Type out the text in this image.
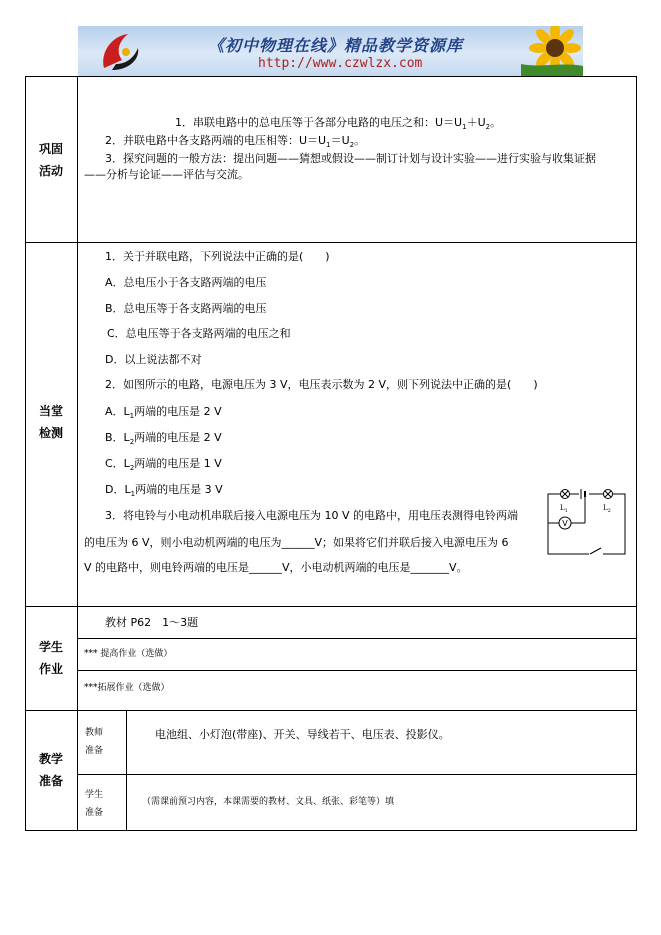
《初中物理在线》精品教学资源库
http://www.czwlzx.com
巩固
活动
当堂
检测
学生
作业
教学
准备
1．串联电路中的总电压等于各部分电路的电压之和：$U=U_1+U_2$。
2．并联电路中各支路两端的电压相等：$U=U_1=U_2$。
3．探究问题的一般方法：提出问题——猜想或假设——制订计划与设计实验——进行实验与收集证据
——分析与论证——评估与交流。
1．关于并联电路，下列说法中正确的是(　　)
A．总电压小于各支路两端的电压
B．总电压等于各支路两端的电压
C．总电压等于各支路两端的电压之和
D．以上说法都不对
2．如图所示的电路，电源电压为 3 V，电压表示数为 2 V，则下列说法中正确的是(　　)
A．$L_1$两端的电压是 2 V
B．$L_2$两端的电压是 2 V
C．$L_2$两端的电压是 1 V
D．$L_1$两端的电压是 3 V
3．将电铃与小电动机串联后接入电源电压为 10 V 的电路中，用电压表测得电铃两端
的电压为 6 V，则小电动机两端的电压为______V；如果将它们并联后接入电源电压为 6
V 的电路中，则电铃两端的电压是______V，小电动机两端的电压是_______V。
V
$L_1$	$L_2$
教材 P62　1～3题
*** 提高作业（选做）
***拓展作业（选做）
教师
准备
电池组、小灯泡(带座)、开关、导线若干、电压表、投影仪。
学生
准备
（需课前预习内容，本课需要的教材、文具、纸张、彩笔等）填
